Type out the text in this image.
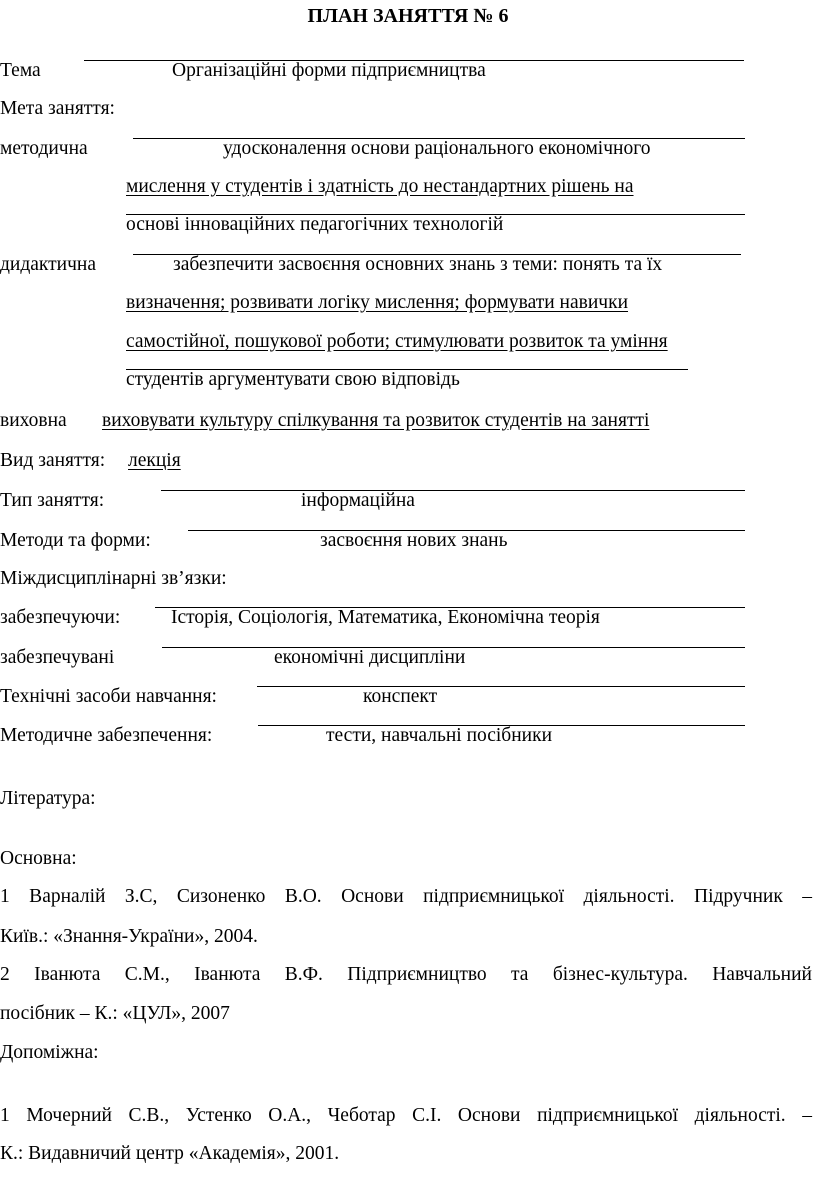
ПЛАН ЗАНЯТТЯ № 6
Тема	Організаційні форми підприємництва
Мета заняття:
методична	удосконалення основи раціонального економічного
мислення у студентів і здатність до нестандартних рішень на
основі інноваційних педагогічних технологій
дидактична	забезпечити засвоєння основних знань з теми: понять та їх
визначення; розвивати логіку мислення; формувати навички
самостійної, пошукової роботи; стимулювати розвиток та уміння
студентів аргументувати свою відповідь
виховна виховувати культуру спілкування та розвиток студентів на занятті
Вид заняття: лекція
Тип заняття:	інформаційна
Методи та форми:	засвоєння нових знань
Міждисциплінарні зв’язки:
забезпечуючи:	Історія, Соціологія, Математика, Економічна теорія
забезпечувані	економічні дисципліни
Технічні засоби навчання:	конспект
Методичне забезпечення:	тести, навчальні посібники
Література:
Основна:
1 Варналій З.С, Сизоненко В.О. Основи підприємницької діяльності. Підручник –
Київ.: «Знання-України», 2004.
2 Іванюта С.М., Іванюта В.Ф. Підприємництво та бізнес-культура. Навчальний
посібник – К.: «ЦУЛ», 2007
Допоміжна:
1 Мочерний С.В., Устенко О.А., Чеботар С.І. Основи підприємницької діяльності. –
К.: Видавничий центр «Академія», 2001.
